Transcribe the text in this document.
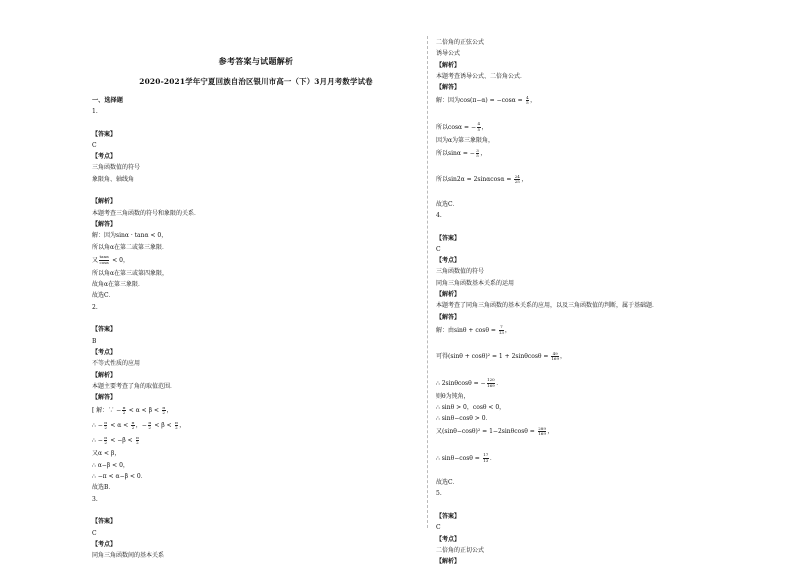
参考答案与试题解析
2020-2021学年宁夏回族自治区银川市高一（下）3月月考数学试卷
一、选择题
1.
【答案】
C
【考点】
三角函数值的符号
象限角、轴线角
【解析】
本题考查三角函数的符号和象限的关系．
【解答】
解：因为sinα · tanα < 0，
所以角α在第二或第三象限．
又 $\frac{\tan\alpha}{\cos\alpha} < 0$，
所以角α在第三或第四象限，
故角α在第三象限．
故选C．
2.
【答案】
B
【考点】
不等式性质的应用
【解析】
本题主要考查了角的取值范围．
【解答】
[ 解：∵ − $\frac{\pi}{2} < \alpha < \beta < \frac{\pi}{2}$ ，
∴ − $\frac{\pi}{2} < \alpha < \frac{\pi}{2}$ ，− $\frac{\pi}{2} < \beta < \frac{\pi}{2}$ ，
∴ − $\frac{\pi}{2} < -\beta < \frac{\pi}{2}$
又α < β，
∴ α−β < 0，
∴ −π < α−β < 0．
故选B．
3.
【答案】
C
【考点】
同角三角函数间的基本关系
二倍角的正弦公式
诱导公式
【解析】
本题考查诱导公式、二倍角公式．
【解答】
解：因为$\cos(\pi-\alpha) = -\cos\alpha = \frac{4}{5}$ ，
所以cosα = − $\frac{4}{5}$ ，
因为α为第三象限角，
所以sinα = − $\frac{3}{5}$ ，
所以$\sin 2\alpha = 2\sin\alpha\cos\alpha = \frac{24}{25}$ ，
故选C．
4.
【答案】
C
【考点】
三角函数值的符号
同角三角函数基本关系的运用
【解析】
本题考查了同角三角函数的基本关系的应用，以及三角函数值的判断，属于基础题．
【解答】
解：由$\sin\theta + \cos\theta = \frac{7}{13}$ ，
可得$(\sin\theta + \cos\theta)^2 = 1 + 2\sin\theta\cos\theta = \frac{49}{169}$ ，
∴ 2sinθcosθ = − $\frac{120}{169}$ ．
则θ为钝角，
∴ sinθ > 0，cosθ < 0，
∴ sinθ−cosθ > 0．
又$(\sin\theta-\cos\theta)^2 = 1-2\sin\theta\cos\theta = \frac{289}{169}$ ，
∴ $\sin\theta-\cos\theta = \frac{17}{13}$ ．
故选C．
5.
【答案】
C
【考点】
二倍角的正切公式
【解析】
